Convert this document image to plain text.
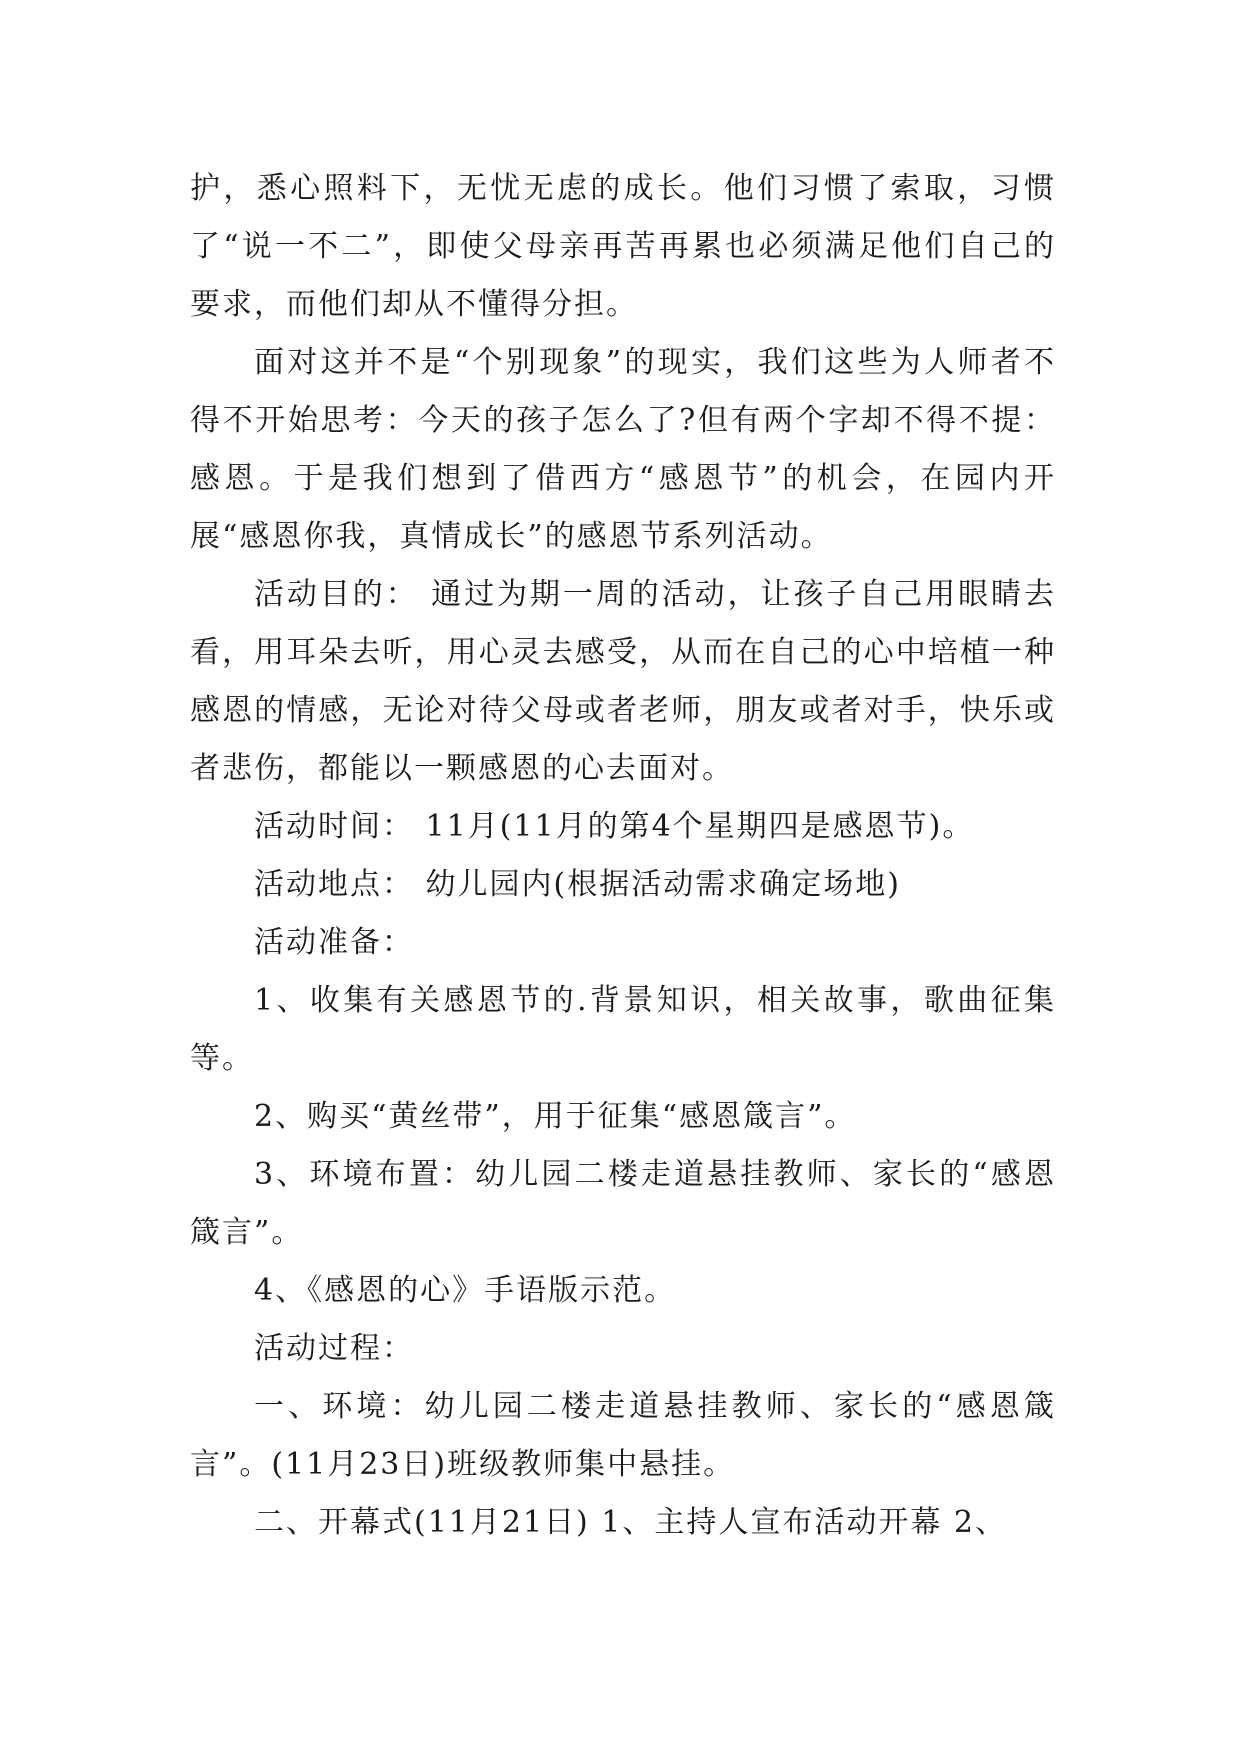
护，悉心照料下，无忧无虑的成长。他们习惯了索取，习惯了“说一不二”，即使父母亲再苦再累也必须满足他们自己的要求，而他们却从不懂得分担。

面对这并不是“个别现象”的现实，我们这些为人师者不得不开始思考：今天的孩子怎么了?但有两个字却不得不提：感恩。于是我们想到了借西方“感恩节”的机会，在园内开展“感恩你我，真情成长”的感恩节系列活动。

活动目的： 通过为期一周的活动，让孩子自己用眼睛去看，用耳朵去听，用心灵去感受，从而在自己的心中培植一种感恩的情感，无论对待父母或者老师，朋友或者对手，快乐或者悲伤，都能以一颗感恩的心去面对。

活动时间： 11月(11月的第4个星期四是感恩节)。

活动地点： 幼儿园内(根据活动需求确定场地)

活动准备：

1、收集有关感恩节的.背景知识，相关故事，歌曲征集等。

2、购买“黄丝带”，用于征集“感恩箴言”。

3、环境布置：幼儿园二楼走道悬挂教师、家长的“感恩箴言”。

4、《感恩的心》手语版示范。

活动过程：

一、环境：幼儿园二楼走道悬挂教师、家长的“感恩箴言”。(11月23日)班级教师集中悬挂。

二、开幕式(11月21日) 1、主持人宣布活动开幕 2、
